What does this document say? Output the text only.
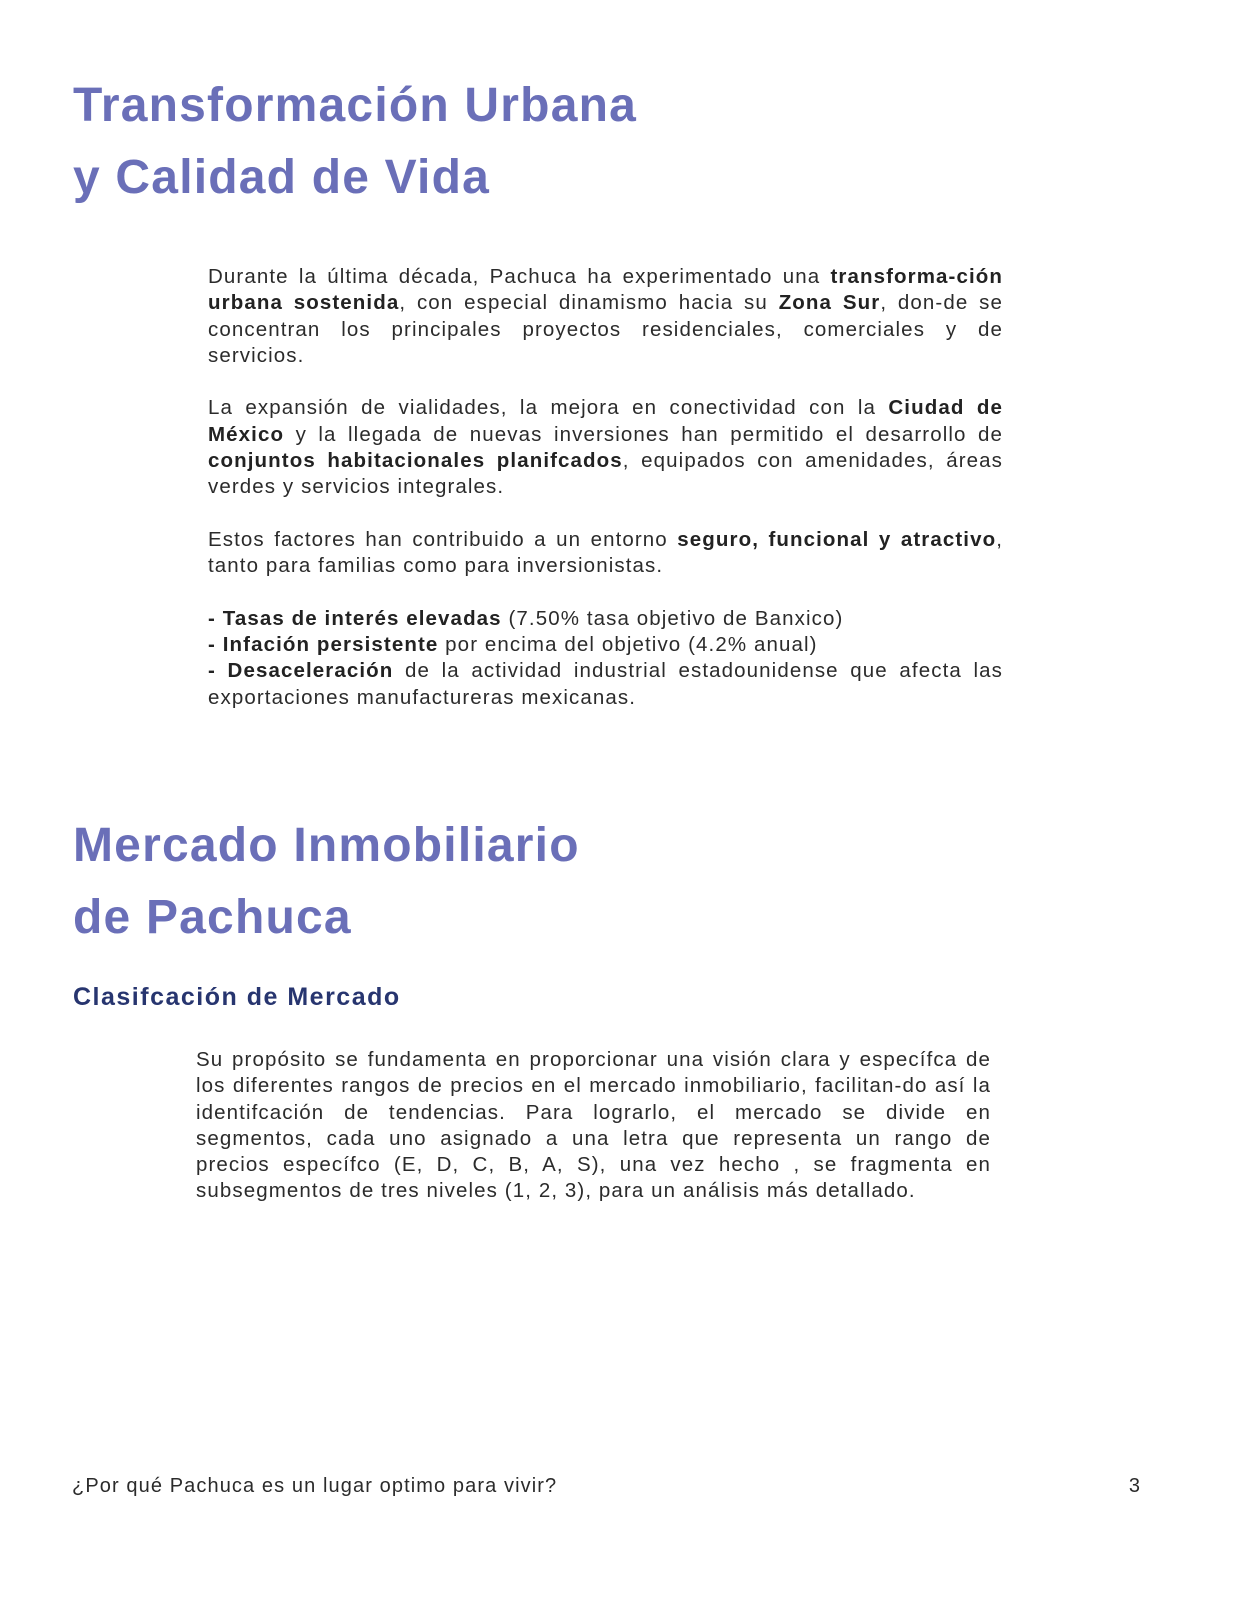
Transformación Urbana
y Calidad de Vida

Durante la última década, Pachuca ha experimentado una transforma-ción urbana sostenida, con especial dinamismo hacia su Zona Sur, don-de se concentran los principales proyectos residenciales, comerciales y de servicios.

La expansión de vialidades, la mejora en conectividad con la Ciudad de México y la llegada de nuevas inversiones han permitido el desarrollo de conjuntos habitacionales planifcados, equipados con amenidades, áreas verdes y servicios integrales.

Estos factores han contribuido a un entorno seguro, funcional y atractivo, tanto para familias como para inversionistas.

- Tasas de interés elevadas (7.50% tasa objetivo de Banxico)
- Infación persistente por encima del objetivo (4.2% anual)
- Desaceleración de la actividad industrial estadounidense que afecta las exportaciones manufactureras mexicanas.

Mercado Inmobiliario
de Pachuca
Clasifcación de Mercado

Su propósito se fundamenta en proporcionar una visión clara y específca de los diferentes rangos de precios en el mercado inmobiliario, facilitan-do así la identifcación de tendencias. Para lograrlo, el mercado se divide en segmentos, cada uno asignado a una letra que representa un rango de precios específco (E, D, C, B, A, S), una vez hecho , se fragmenta en subsegmentos de tres niveles (1, 2, 3), para un análisis más detallado.

¿Por qué Pachuca es un lugar optimo para vivir?	3
